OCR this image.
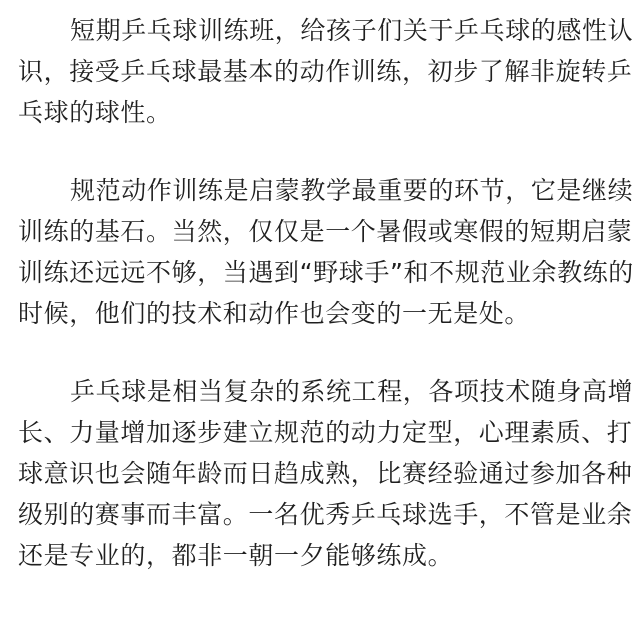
短期乒乓球训练班，给孩子们关于乒乓球的感性认
识，接受乒乓球最基本的动作训练，初步了解非旋转乒
乓球的球性。
规范动作训练是启蒙教学最重要的环节，它是继续
训练的基石。当然，仅仅是一个暑假或寒假的短期启蒙
训练还远远不够，当遇到“野球手”和不规范业余教练的
时候，他们的技术和动作也会变的一无是处。
乒乓球是相当复杂的系统工程，各项技术随身高增
长、力量增加逐步建立规范的动力定型，心理素质、打
球意识也会随年龄而日趋成熟，比赛经验通过参加各种
级别的赛事而丰富。一名优秀乒乓球选手，不管是业余
还是专业的，都非一朝一夕能够练成。
